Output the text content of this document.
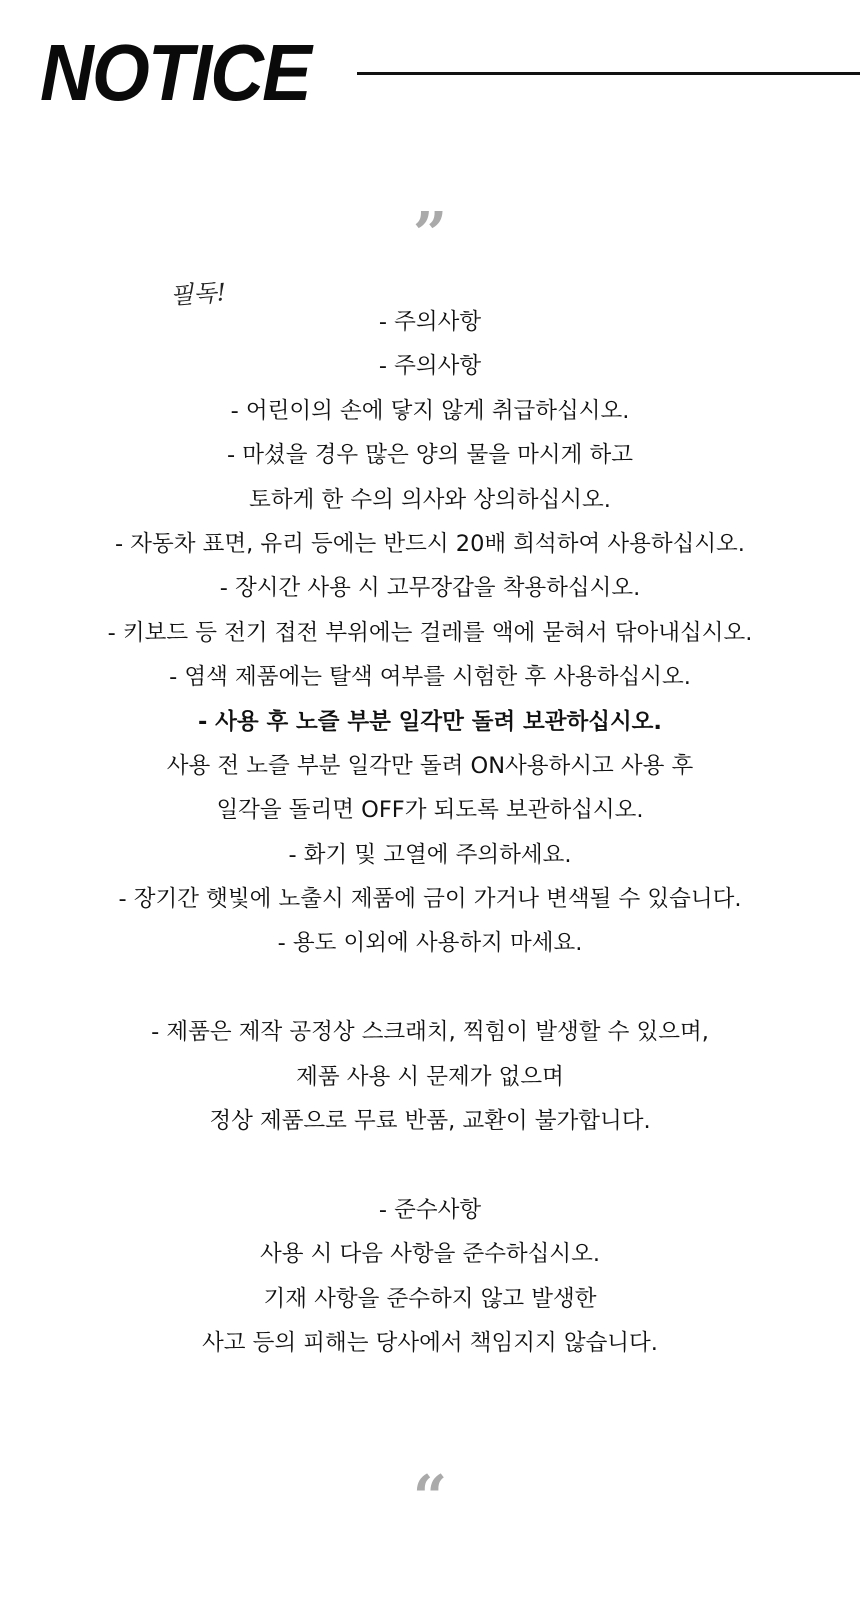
NOTICE
”
필독!
- 주의사항
- 주의사항
- 어린이의 손에 닿지 않게 취급하십시오.
- 마셨을 경우 많은 양의 물을 마시게 하고
토하게 한 수의 의사와 상의하십시오.
- 자동차 표면, 유리 등에는 반드시 20배 희석하여 사용하십시오.
- 장시간 사용 시 고무장갑을 착용하십시오.
- 키보드 등 전기 접전 부위에는 걸레를 액에 묻혀서 닦아내십시오.
- 염색 제품에는 탈색 여부를 시험한 후 사용하십시오.
- 사용 후 노즐 부분 일각만 돌려 보관하십시오.
사용 전 노즐 부분 일각만 돌려 ON사용하시고 사용 후
일각을 돌리면 OFF가 되도록 보관하십시오.
- 화기 및 고열에 주의하세요.
- 장기간 햇빛에 노출시 제품에 금이 가거나 변색될 수 있습니다.
- 용도 이외에 사용하지 마세요.
- 제품은 제작 공정상 스크래치, 찍힘이 발생할 수 있으며,
제품 사용 시 문제가 없으며
정상 제품으로 무료 반품, 교환이 불가합니다.
- 준수사항
사용 시 다음 사항을 준수하십시오.
기재 사항을 준수하지 않고 발생한
사고 등의 피해는 당사에서 책임지지 않습니다.
“
